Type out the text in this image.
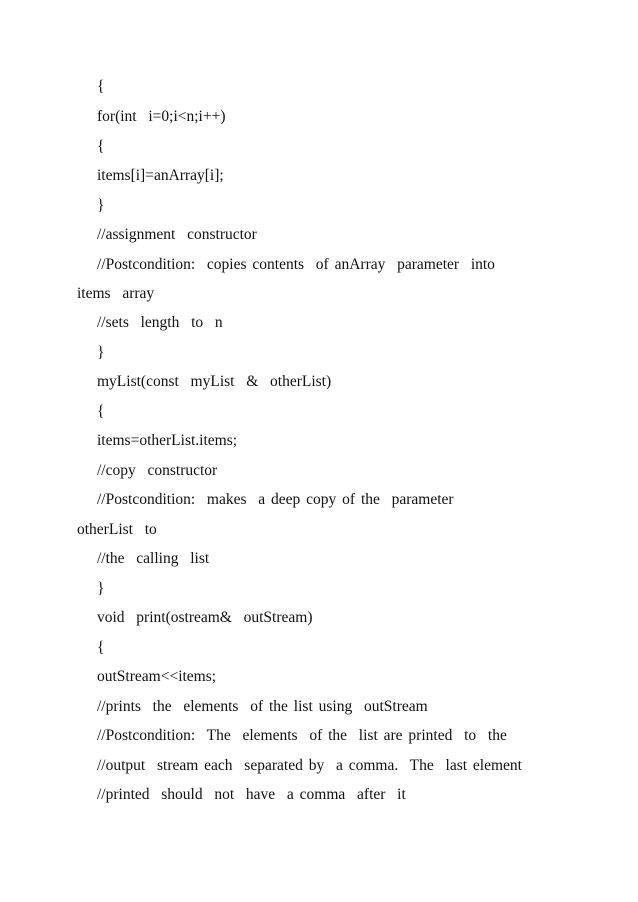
{
for(int  i=0;i<n;i++)
{
items[i]=anArray[i];
}
//assignment  constructor
//Postcondition:  copies contents  of anArray  parameter  into
items  array
//sets  length  to  n
}
myList(const  myList  &  otherList)
{
items=otherList.items;
//copy  constructor
//Postcondition:  makes  a deep copy of the  parameter
otherList  to
//the  calling  list
}
void  print(ostream&  outStream)
{
outStream<<items;
//prints  the  elements  of the list using  outStream
//Postcondition:  The  elements  of the  list are printed  to  the
//output  stream each  separated by  a comma.  The  last element
//printed  should  not  have  a comma  after  it
